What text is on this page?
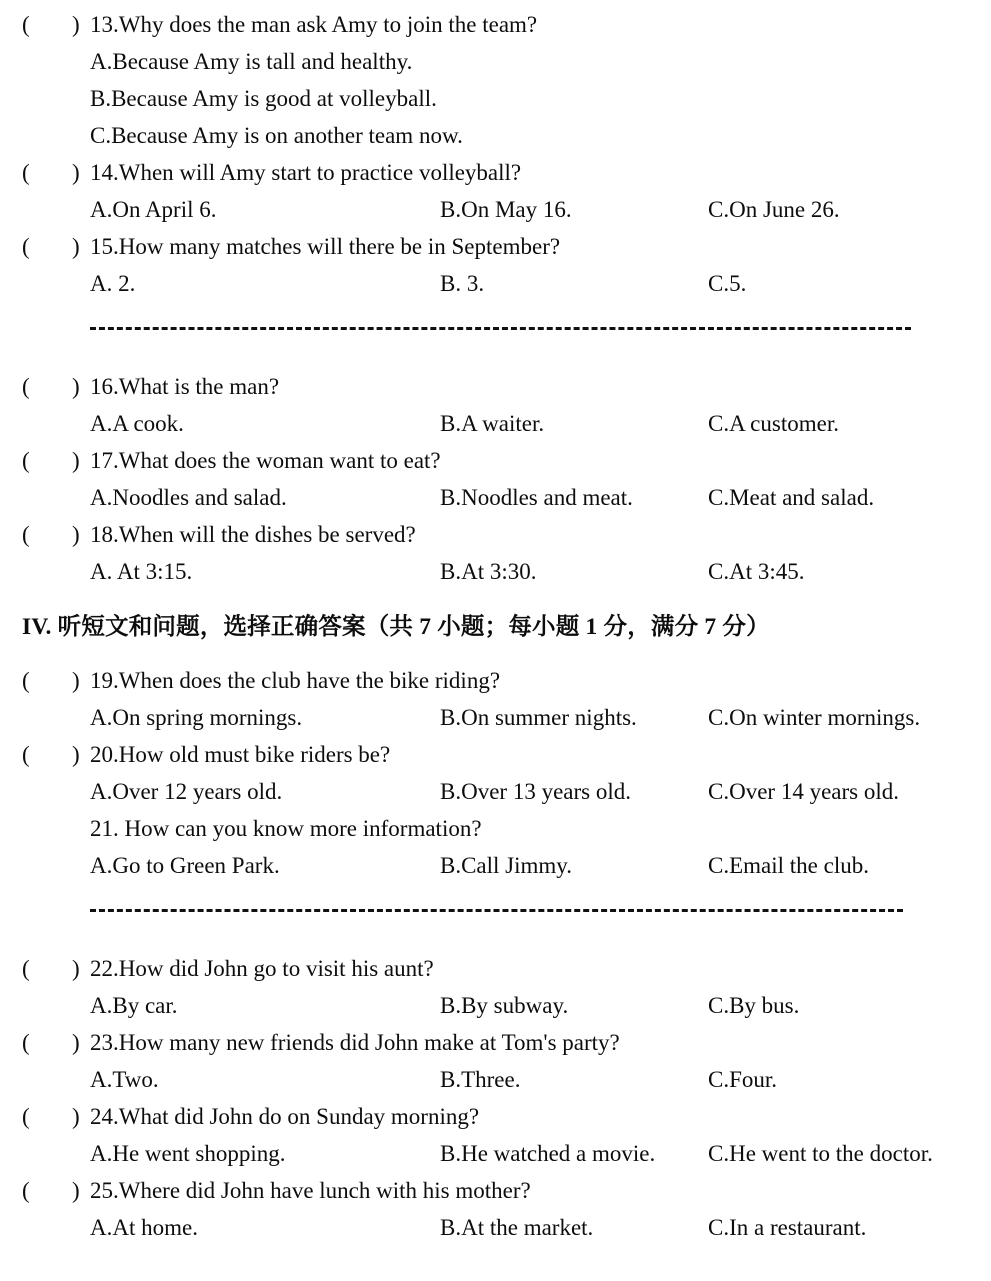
(	) 13.Why does the man ask Amy to join the team?
A.Because Amy is tall and healthy.
B.Because Amy is good at volleyball.
C.Because Amy is on another team now.
(	) 14.When will Amy start to practice volleyball?
A.On April 6.	B.On May 16.	C.On June 26.
(	) 15.How many matches will there be in September?
A. 2.	B. 3.	C.5.
(	) 16.What is the man?
A.A cook.	B.A waiter.	C.A customer.
(	) 17.What does the woman want to eat?
A.Noodles and salad.	B.Noodles and meat.	C.Meat and salad.
(	) 18.When will the dishes be served?
A. At 3:15.	B.At 3:30.	C.At 3:45.
IV. 听短文和问题，选择正确答案（共 7 小题；每小题 1 分，满分 7 分）
(	) 19.When does the club have the bike riding?
A.On spring mornings.	B.On summer nights.	C.On winter mornings.
(	) 20.How old must bike riders be?
A.Over 12 years old.	B.Over 13 years old.	C.Over 14 years old.
21. How can you know more information?
A.Go to Green Park.	B.Call Jimmy.	C.Email the club.
(	) 22.How did John go to visit his aunt?
A.By car.	B.By subway.	C.By bus.
(	) 23.How many new friends did John make at Tom's party?
A.Two.	B.Three.	C.Four.
(	) 24.What did John do on Sunday morning?
A.He went shopping.	B.He watched a movie.	C.He went to the doctor.
(	) 25.Where did John have lunch with his mother?
A.At home.	B.At the market.	C.In a restaurant.
